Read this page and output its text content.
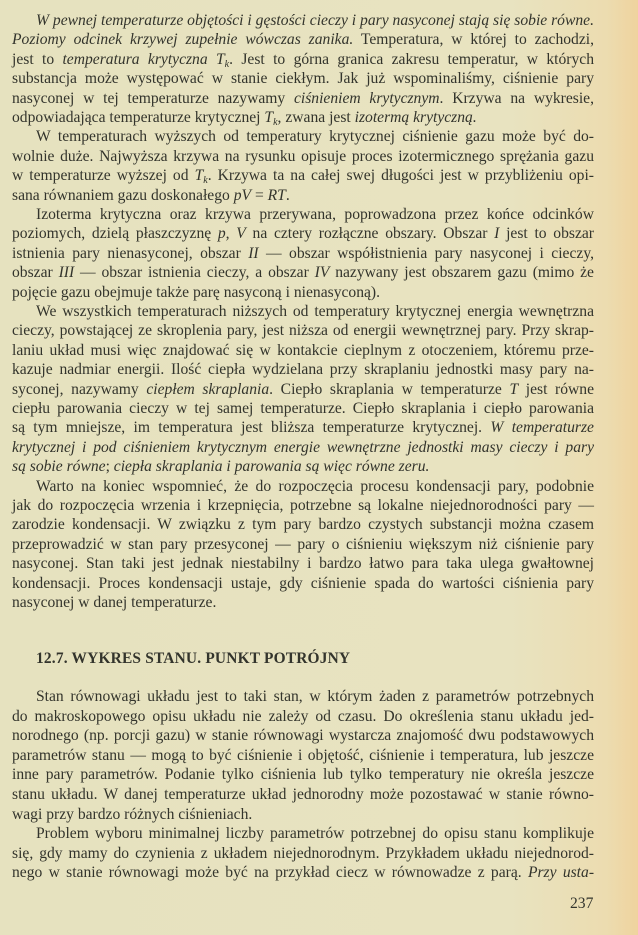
W pewnej temperaturze objętości i gęstości cieczy i pary nasyconej stają się sobie równe.
Poziomy odcinek krzywej zupełnie wówczas zanika. Temperatura, w której to zachodzi,
jest to temperatura krytyczna $T_k$. Jest to górna granica zakresu temperatur, w których
substancja może występować w stanie ciekłym. Jak już wspominaliśmy, ciśnienie pary
nasyconej w tej temperaturze nazywamy ciśnieniem krytycznym. Krzywa na wykresie,
odpowiadająca temperaturze krytycznej $T_k$, zwana jest izotermą krytyczną.
W temperaturach wyższych od temperatury krytycznej ciśnienie gazu może być do-
wolnie duże. Najwyższa krzywa na rysunku opisuje proces izotermicznego sprężania gazu
w temperaturze wyższej od $T_k$. Krzywa ta na całej swej długości jest w przybliżeniu opi-
sana równaniem gazu doskonałego pV = RT.
Izoterma krytyczna oraz krzywa przerywana, poprowadzona przez końce odcinków
poziomych, dzielą płaszczyznę p, V na cztery rozłączne obszary. Obszar I jest to obszar
istnienia pary nienasyconej, obszar II — obszar współistnienia pary nasyconej i cieczy,
obszar III — obszar istnienia cieczy, a obszar IV nazywany jest obszarem gazu (mimo że
pojęcie gazu obejmuje także parę nasyconą i nienasyconą).
We wszystkich temperaturach niższych od temperatury krytycznej energia wewnętrzna
cieczy, powstającej ze skroplenia pary, jest niższa od energii wewnętrznej pary. Przy skrap-
laniu układ musi więc znajdować się w kontakcie cieplnym z otoczeniem, któremu prze-
kazuje nadmiar energii. Ilość ciepła wydzielana przy skraplaniu jednostki masy pary na-
syconej, nazywamy ciepłem skraplania. Ciepło skraplania w temperaturze T jest równe
ciepłu parowania cieczy w tej samej temperaturze. Ciepło skraplania i ciepło parowania
są tym mniejsze, im temperatura jest bliższa temperaturze krytycznej. W temperaturze
krytycznej i pod ciśnieniem krytycznym energie wewnętrzne jednostki masy cieczy i pary
są sobie równe; ciepła skraplania i parowania są więc równe zeru.
Warto na koniec wspomnieć, że do rozpoczęcia procesu kondensacji pary, podobnie
jak do rozpoczęcia wrzenia i krzepnięcia, potrzebne są lokalne niejednorodności pary —
zarodzie kondensacji. W związku z tym pary bardzo czystych substancji można czasem
przeprowadzić w stan pary przesyconej — pary o ciśnieniu większym niż ciśnienie pary
nasyconej. Stan taki jest jednak niestabilny i bardzo łatwo para taka ulega gwałtownej
kondensacji. Proces kondensacji ustaje, gdy ciśnienie spada do wartości ciśnienia pary
nasyconej w danej temperaturze.
12.7. WYKRES STANU. PUNKT POTRÓJNY
Stan równowagi układu jest to taki stan, w którym żaden z parametrów potrzebnych
do makroskopowego opisu układu nie zależy od czasu. Do określenia stanu układu jed-
norodnego (np. porcji gazu) w stanie równowagi wystarcza znajomość dwu podstawowych
parametrów stanu — mogą to być ciśnienie i objętość, ciśnienie i temperatura, lub jeszcze
inne pary parametrów. Podanie tylko ciśnienia lub tylko temperatury nie określa jeszcze
stanu układu. W danej temperaturze układ jednorodny może pozostawać w stanie równo-
wagi przy bardzo różnych ciśnieniach.
Problem wyboru minimalnej liczby parametrów potrzebnej do opisu stanu komplikuje
się, gdy mamy do czynienia z układem niejednorodnym. Przykładem układu niejednorod-
nego w stanie równowagi może być na przykład ciecz w równowadze z parą. Przy usta-
237
